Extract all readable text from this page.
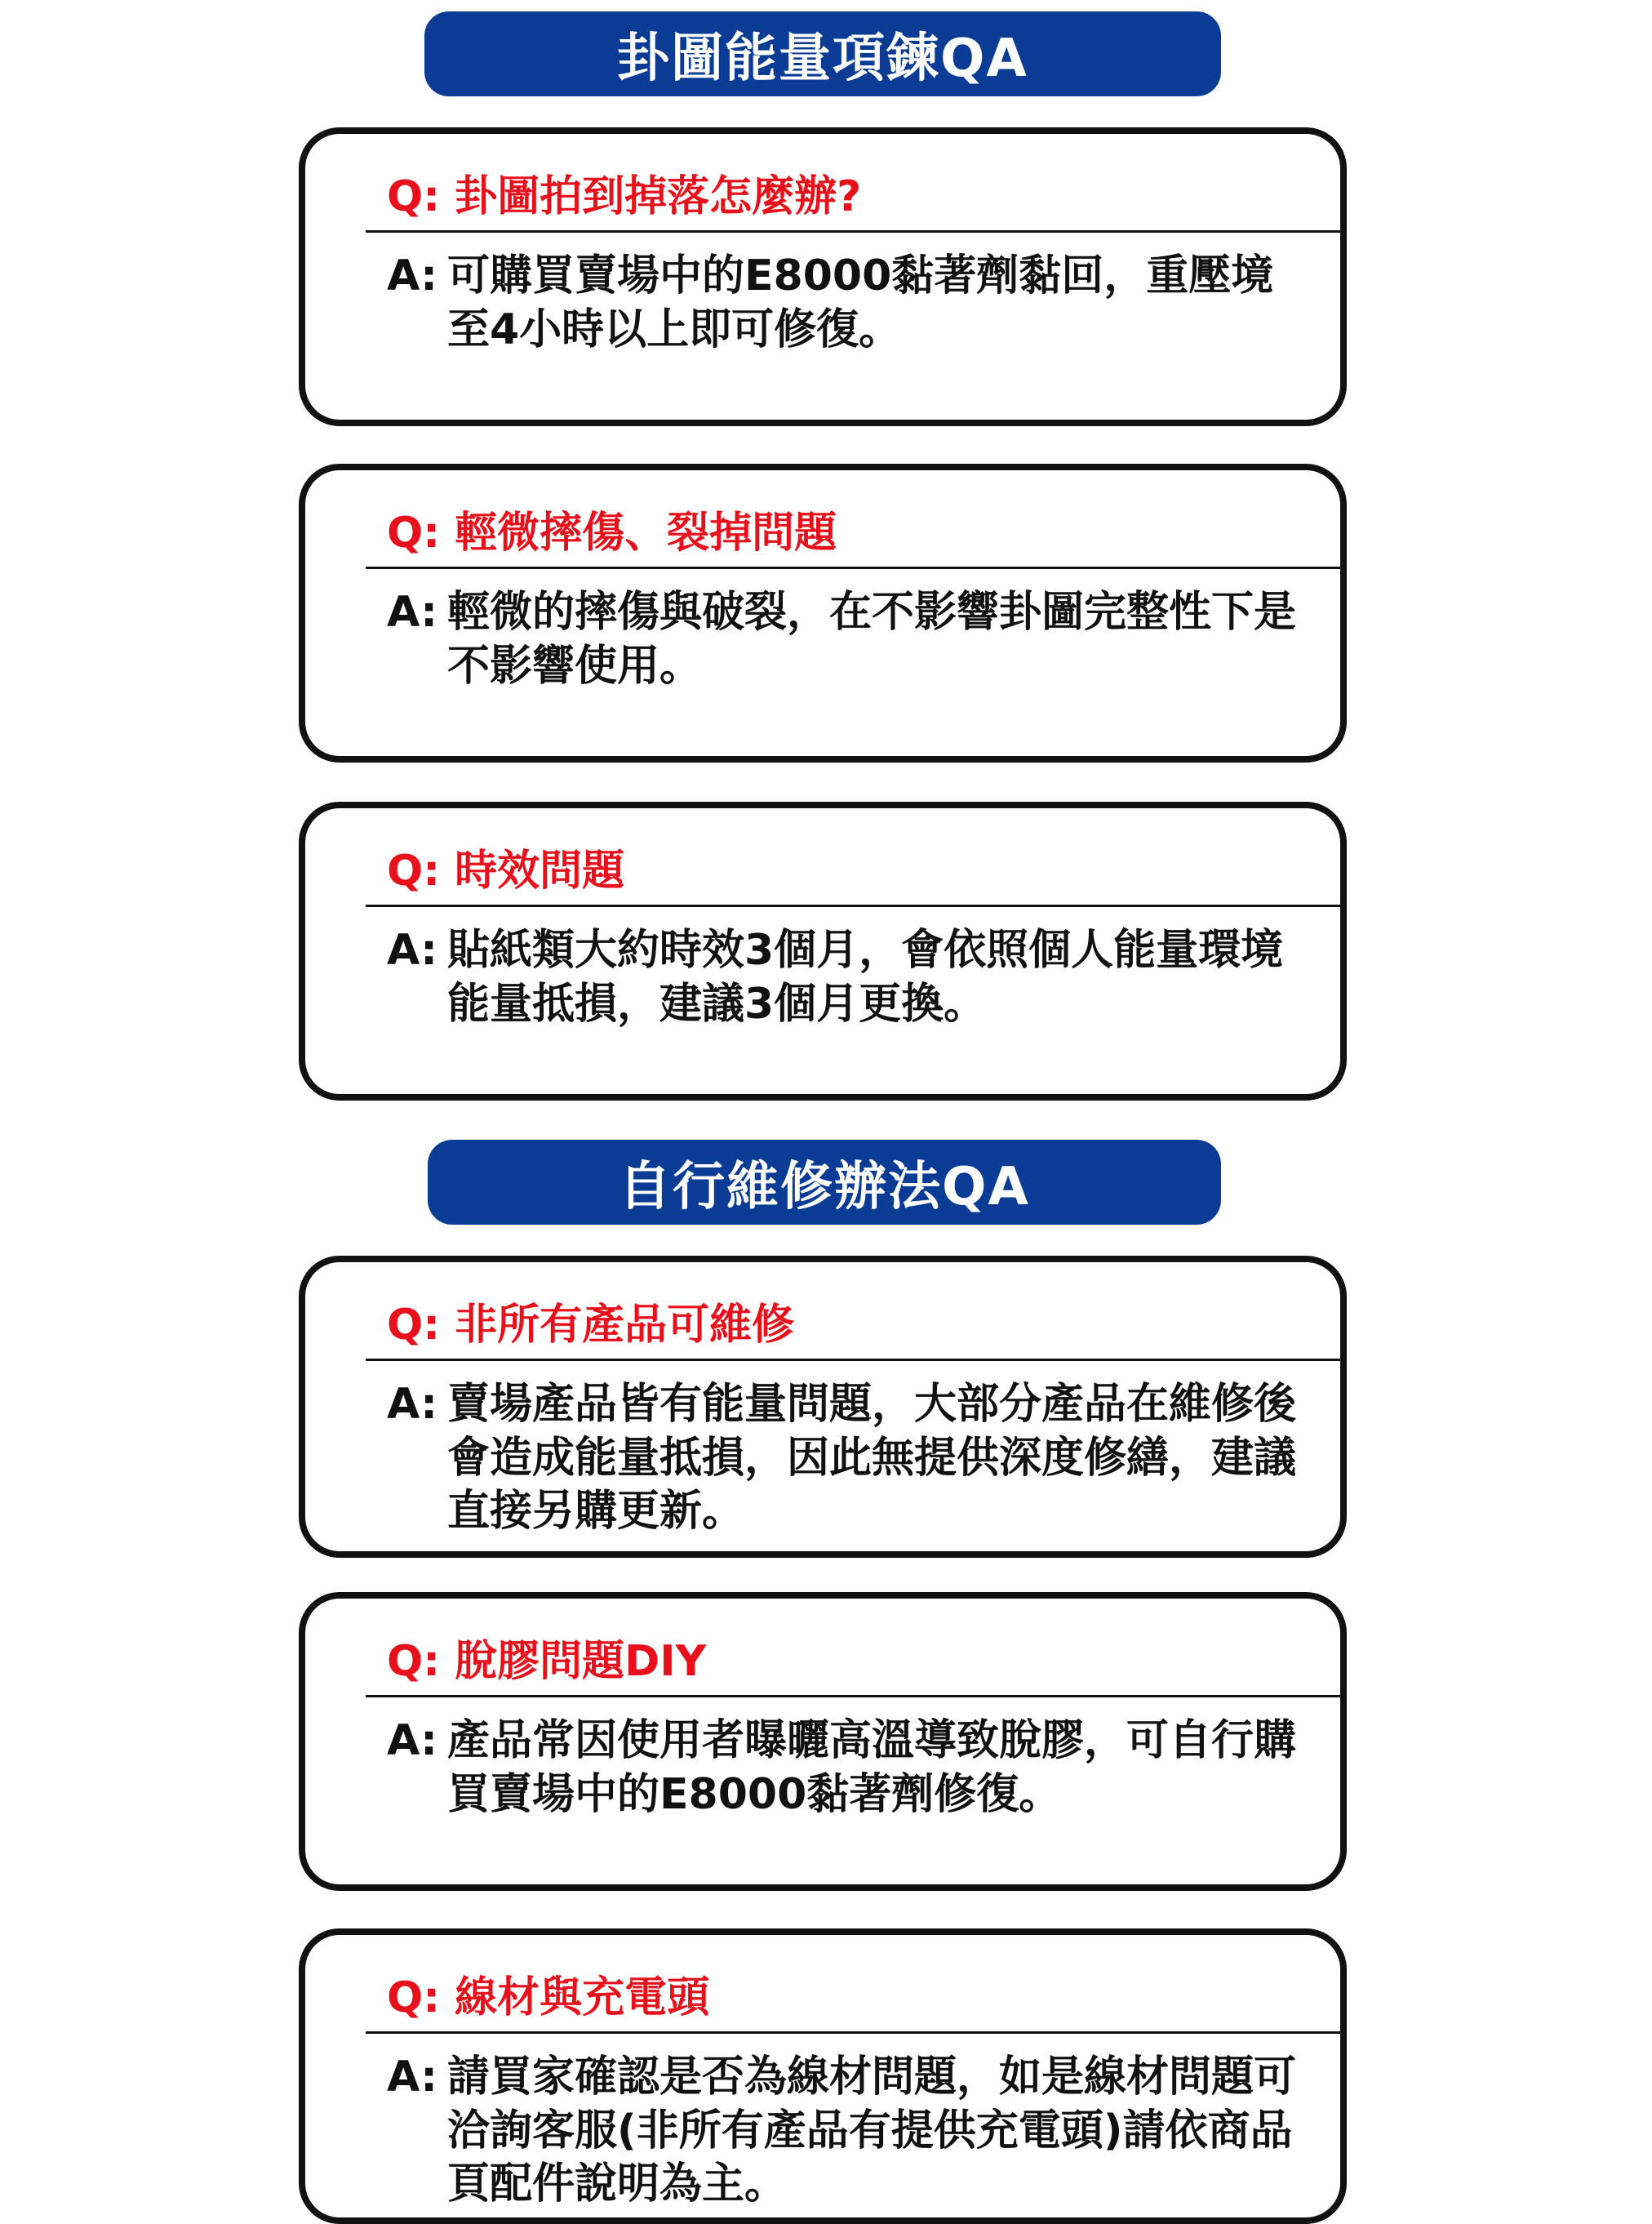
卦圖能量項鍊QA
Q: 卦圖拍到掉落怎麼辦?
A: 可購買賣場中的E8000黏著劑黏回，重壓境至4小時以上即可修復。
Q: 輕微摔傷、裂掉問題
A: 輕微的摔傷與破裂，在不影響卦圖完整性下是不影響使用。
Q: 時效問題
A: 貼紙類大約時效3個月，會依照個人能量環境能量抵損，建議3個月更換。
自行維修辦法QA
Q: 非所有產品可維修
A: 賣場產品皆有能量問題，大部分產品在維修後會造成能量抵損，因此無提供深度修繕，建議直接另購更新。
Q: 脫膠問題DIY
A: 產品常因使用者曝曬高溫導致脫膠，可自行購買賣場中的E8000黏著劑修復。
Q: 線材與充電頭
A: 請買家確認是否為線材問題，如是線材問題可洽詢客服(非所有產品有提供充電頭)請依商品頁配件說明為主。
